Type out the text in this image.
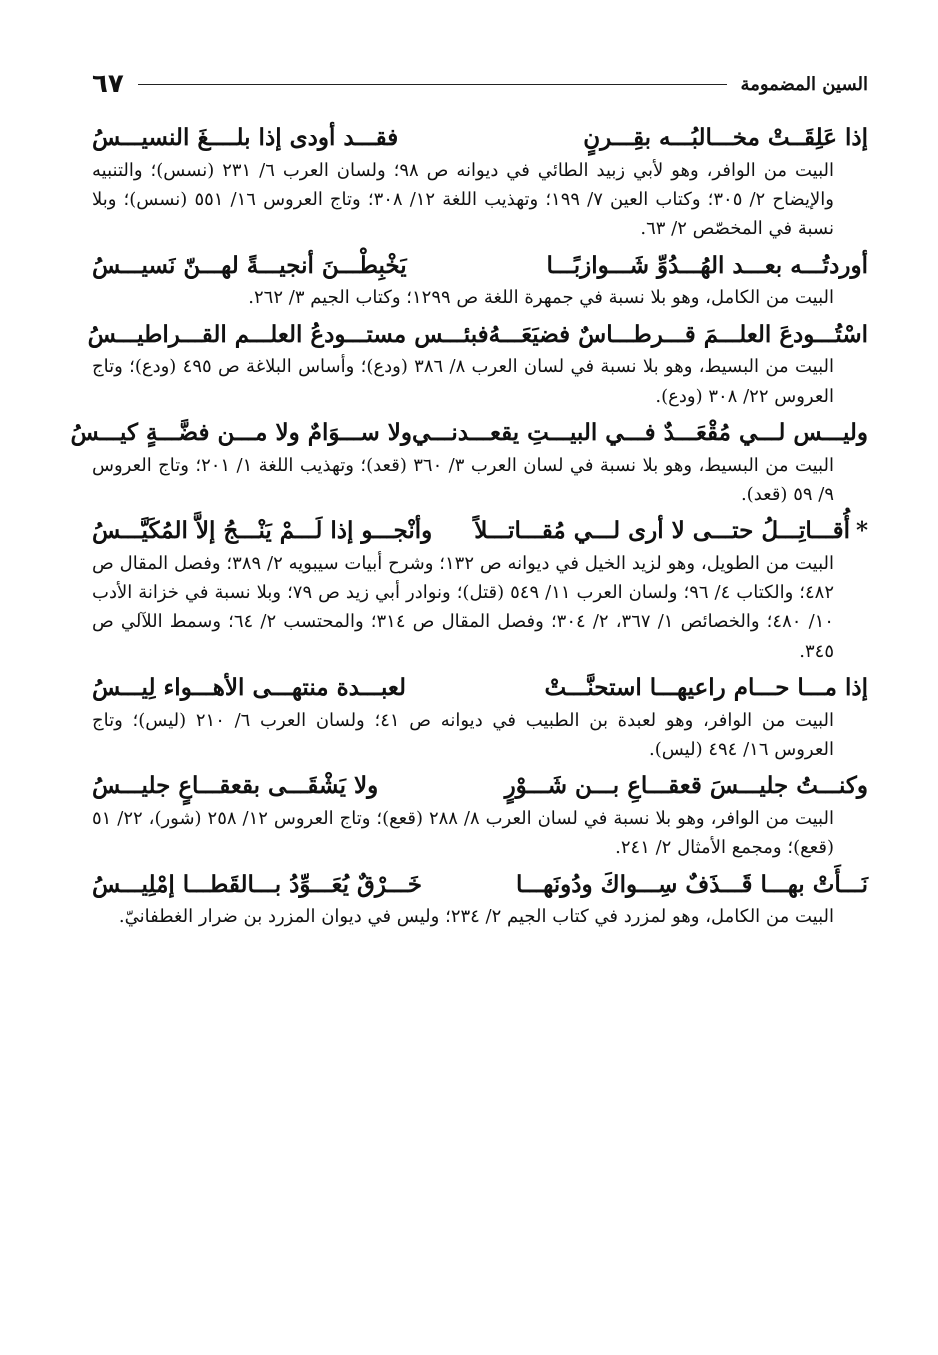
السين المضمومة
٦٧
إذا عَلِقَــتْ مخـــالبُـــه بقِـــرنٍ
فقـــد أودى إذا بلــــغَ النسيـــسُ
البيت من الوافر، وهو لأبي زبيد الطائي في ديوانه ص ٩٨؛ ولسان العرب ٦/ ٢٣١ (نسس)؛ والتنبيه والإيضاح ٢/ ٣٠٥؛ وكتاب العين ٧/ ١٩٩؛ وتهذيب اللغة ١٢/ ٣٠٨؛ وتاج العروس ١٦/ ٥٥١ (نسس)؛ وبلا نسبة في المخصّص ٢/ ٦٣.
أوردتُـــه بعـــد الهُـــدُوِّ شَـــوازبًـــا
يَخْبِطْـــنَ أنجيـــةً لهـــنّ نَسيـــسُ
البيت من الكامل، وهو بلا نسبة في جمهرة اللغة ص ١٢٩٩؛ وكتاب الجيم ٣/ ٢٦٢.
اسْتُـــودعَ العلـــمَ قـــرطـــاسٌ فضيَعَـــهُ
فبئـــس مستـــودعُ العلـــم القـــراطيـــسُ
البيت من البسيط، وهو بلا نسبة في لسان العرب ٨/ ٣٨٦ (ودع)؛ وأساس البلاغة ص ٤٩٥ (ودع)؛ وتاج العروس ٢٢/ ٣٠٨ (ودع).
وليـــس لـــي مُقْعَـــدٌ فـــي البيـــتِ يقعـــدنـــي
ولا ســـوَامٌ ولا مـــن فضَّـــةٍ كيـــسُ
البيت من البسيط، وهو بلا نسبة في لسان العرب ٣/ ٣٦٠ (قعد)؛ وتهذيب اللغة ١/ ٢٠١؛ وتاج العروس ٩/ ٥٩ (قعد).
*أُقـــاتِـــلُ حتـــى لا أرى لـــي مُقـــاتـــلاً
وأنْجـــو إذا لَـــمْ يَنْـــجُ إلاَّ المُكَيَّـــسُ
البيت من الطويل، وهو لزيد الخيل في ديوانه ص ١٣٢؛ وشرح أبيات سيبويه ٢/ ٣٨٩؛ وفصل المقال ص ٤٨٢؛ والكتاب ٤/ ٩٦؛ ولسان العرب ١١/ ٥٤٩ (قتل)؛ ونوادر أبي زيد ص ٧٩؛ وبلا نسبة في خزانة الأدب ١٠/ ٤٨٠؛ والخصائص ١/ ٣٦٧، ٢/ ٣٠٤؛ وفصل المقال ص ٣١٤؛ والمحتسب ٢/ ٦٤؛ وسمط اللآلي ص ٣٤٥.
إذا مـــا حـــام راعيهـــا استحنَّـــتْ
لعبـــدة منتهـــى الأهـــواء لِيـــسُ
البيت من الوافر، وهو لعبدة بن الطبيب في ديوانه ص ٤١؛ ولسان العرب ٦/ ٢١٠ (ليس)؛ وتاج العروس ١٦/ ٤٩٤ (ليس).
وكنـــتُ جليـــسَ قعقـــاعِ بـــن شَـــوْرٍ
ولا يَشْقَـــى بقعقـــاعٍ جليـــسُ
البيت من الوافر، وهو بلا نسبة في لسان العرب ٨/ ٢٨٨ (قعع)؛ وتاج العروس ١٢/ ٢٥٨ (شور)، ٢٢/ ٥١ (قعع)؛ ومجمع الأمثال ٢/ ٢٤١.
نَـــأَتْ بهـــا قَـــذَفٌ سِـــواكَ ودُونَهـــا
خَـــرْقٌ يُعَـــوِّدُ بـــالقَطـــا إمْلِيـــسُ
البيت من الكامل، وهو لمزرد في كتاب الجيم ٢/ ٢٣٤؛ وليس في ديوان المزرد بن ضرار الغطفانيّ.
